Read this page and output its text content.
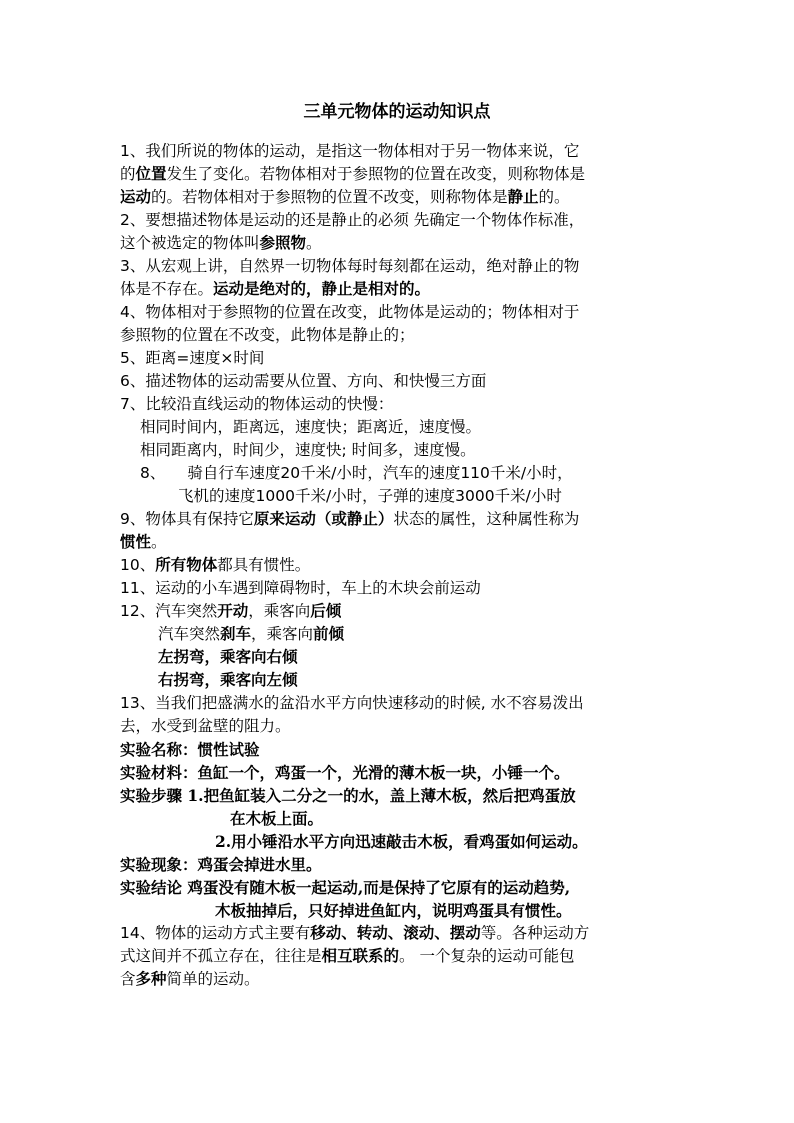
三单元物体的运动知识点

1、我们所说的物体的运动，是指这一物体相对于另一物体来说，它

的位置发生了变化。若物体相对于参照物的位置在改变，则称物体是

运动的。若物体相对于参照物的位置不改变，则称物体是静止的。

2、要想描述物体是运动的还是静止的必须 先确定一个物体作标准，

这个被选定的物体叫参照物。

3、从宏观上讲，自然界一切物体每时每刻都在运动，绝对静止的物

体是不存在。运动是绝对的，静止是相对的。

4、物体相对于参照物的位置在改变，此物体是运动的；物体相对于

参照物的位置在不改变，此物体是静止的；

5、距离=速度×时间

6、描述物体的运动需要从位置、方向、和快慢三方面

7、比较沿直线运动的物体运动的快慢：

相同时间内，距离远，速度快；距离近，速度慢。

相同距离内，时间少，速度快; 时间多，速度慢。

8、 骑自行车速度20千米/小时，汽车的速度110千米/小时，

飞机的速度1000千米/小时，子弹的速度3000千米/小时

9、物体具有保持它原来运动（或静止）状态的属性，这种属性称为

惯性。

10、所有物体都具有惯性。

11、运动的小车遇到障碍物时，车上的木块会前运动

12、汽车突然开动，乘客向后倾

汽车突然刹车，乘客向前倾

左拐弯，乘客向右倾

右拐弯，乘客向左倾

13、当我们把盛满水的盆沿水平方向快速移动的时候, 水不容易泼出

去，水受到盆壁的阻力。

实验名称：惯性试验

实验材料：鱼缸一个，鸡蛋一个，光滑的薄木板一块，小锤一个。

实验步骤 1.把鱼缸装入二分之一的水，盖上薄木板，然后把鸡蛋放

在木板上面。

2.用小锤沿水平方向迅速敲击木板，看鸡蛋如何运动。

实验现象：鸡蛋会掉进水里。

实验结论 鸡蛋没有随木板一起运动,而是保持了它原有的运动趋势,

木板抽掉后，只好掉进鱼缸内，说明鸡蛋具有惯性。

14、物体的运动方式主要有移动、转动、滚动、摆动等。各种运动方

式这间并不孤立存在，往往是相互联系的。 一个复杂的运动可能包

含多种简单的运动。
